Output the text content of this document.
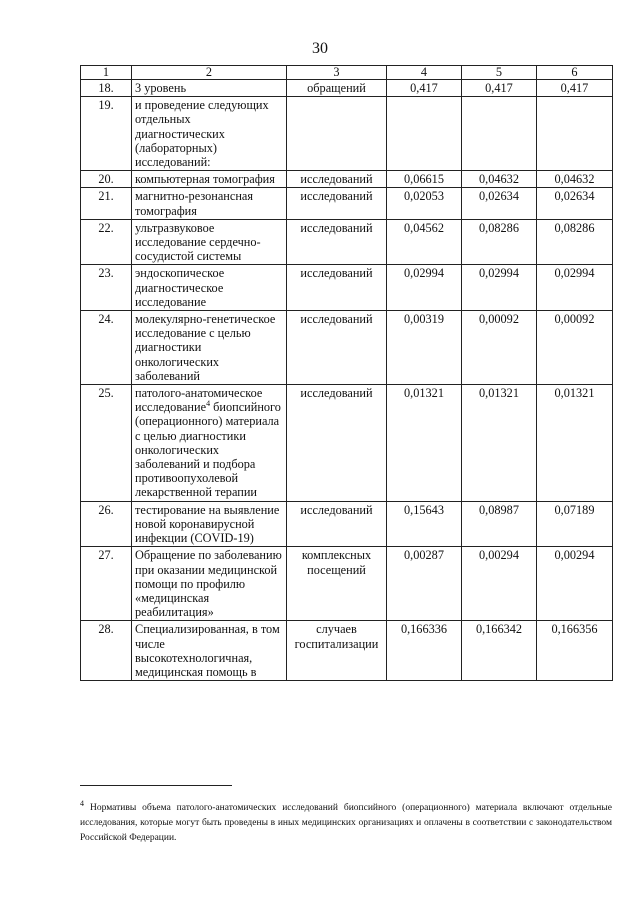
30
1	2	3	4	5	6
18.	3 уровень	обращений	0,417	0,417	0,417
19.	и проведение следующих отдельных диагностических (лабораторных) исследований:				
20.	компьютерная томография	исследований	0,06615	0,04632	0,04632
21.	магнитно-резонансная томография	исследований	0,02053	0,02634	0,02634
22.	ультразвуковое исследование сердечно-сосудистой системы	исследований	0,04562	0,08286	0,08286
23.	эндоскопическое диагностическое исследование	исследований	0,02994	0,02994	0,02994
24.	молекулярно-генетическое исследование с целью диагностики онкологических заболеваний	исследований	0,00319	0,00092	0,00092
25.	патолого-анатомическое исследование$^4$ биопсийного (операционного) материала с целью диагностики онкологических заболеваний и подбора противоопухолевой лекарственной терапии	исследований	0,01321	0,01321	0,01321
26.	тестирование на выявление новой коронавирусной инфекции (COVID-19)	исследований	0,15643	0,08987	0,07189
27.	Обращение по заболеванию при оказании медицинской помощи по профилю «медицинская реабилитация»	комплексных посещений	0,00287	0,00294	0,00294
28.	Специализированная, в том числе высокотехнологичная, медицинская помощь в	случаев госпитализации	0,166336	0,166342	0,166356
$^4$ Нормативы объема патолого-анатомических исследований биопсийного (операционного) материала включают отдельные исследования, которые могут быть проведены в иных медицинских организациях и оплачены в соответствии с законодательством Российской Федерации.
